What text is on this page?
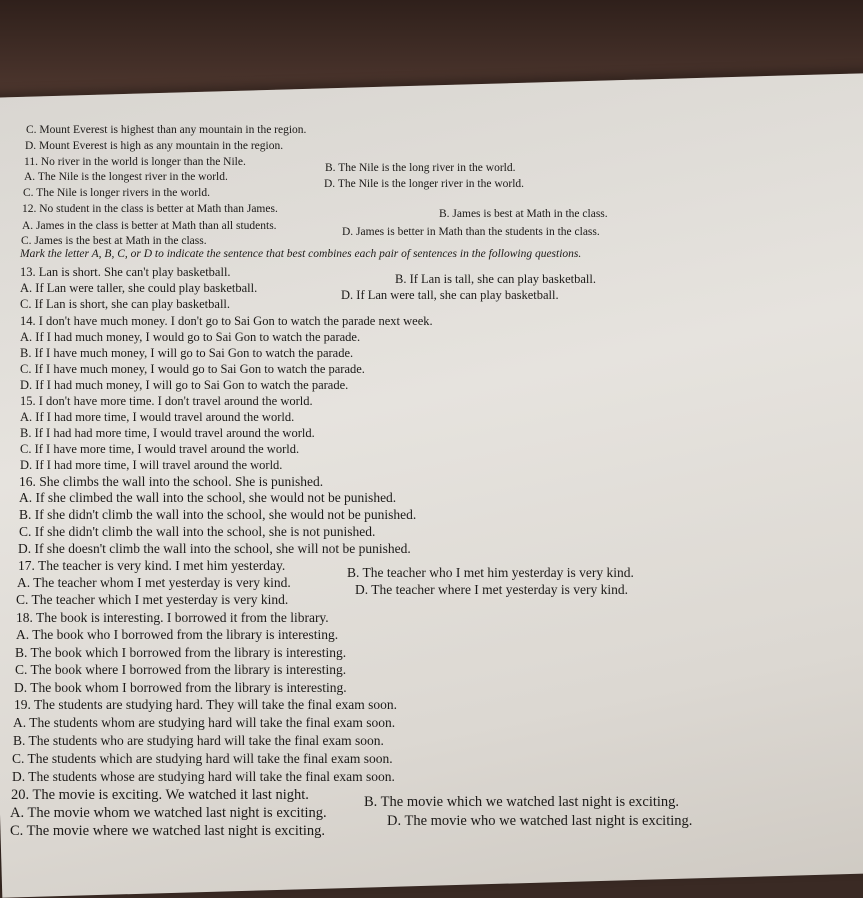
C. Mount Everest is highest than any mountain in the region.
D. Mount Everest is high as any mountain in the region.
11. No river in the world is longer than the Nile.
A. The Nile is the longest river in the world.
B. The Nile is the long river in the world.
C. The Nile is longer rivers in the world.
D. The Nile is the longer river in the world.
12. No student in the class is better at Math than James.
A. James in the class is better at Math than all students.
B. James is best at Math in the class.
C. James is the best at Math in the class.
D. James is better in Math than the students in the class.
Mark the letter A, B, C, or D to indicate the sentence that best combines each pair of sentences in the following questions.
13. Lan is short. She can't play basketball.
A. If Lan were taller, she could play basketball.
B. If Lan is tall, she can play basketball.
C. If Lan is short, she can play basketball.
D. If Lan were tall, she can play basketball.
14. I don't have much money. I don't go to Sai Gon to watch the parade next week.
A. If I had much money, I would go to Sai Gon to watch the parade.
B. If I have much money, I will go to Sai Gon to watch the parade.
C. If I have much money, I would go to Sai Gon to watch the parade.
D. If I had much money, I will go to Sai Gon to watch the parade.
15. I don't have more time. I don't travel around the world.
A. If I had more time, I would travel around the world.
B. If I had had more time, I would travel around the world.
C. If I have more time, I would travel around the world.
D. If I had more time, I will travel around the world.
16. She climbs the wall into the school. She is punished.
A. If she climbed the wall into the school, she would not be punished.
B. If she didn't climb the wall into the school, she would not be punished.
C. If she didn't climb the wall into the school, she is not punished.
D. If she doesn't climb the wall into the school, she will not be punished.
17. The teacher is very kind. I met him yesterday.
A. The teacher whom I met yesterday is very kind.
B. The teacher who I met him yesterday is very kind.
C. The teacher which I met yesterday is very kind.
D. The teacher where I met yesterday is very kind.
18. The book is interesting. I borrowed it from the library.
A. The book who I borrowed from the library is interesting.
B. The book which I borrowed from the library is interesting.
C. The book where I borrowed from the library is interesting.
D. The book whom I borrowed from the library is interesting.
19. The students are studying hard. They will take the final exam soon.
A. The students whom are studying hard will take the final exam soon.
B. The students who are studying hard will take the final exam soon.
C. The students which are studying hard will take the final exam soon.
D. The students whose are studying hard will take the final exam soon.
20. The movie is exciting. We watched it last night.
A. The movie whom we watched last night is exciting.
B. The movie which we watched last night is exciting.
C. The movie where we watched last night is exciting.
D. The movie who we watched last night is exciting.
